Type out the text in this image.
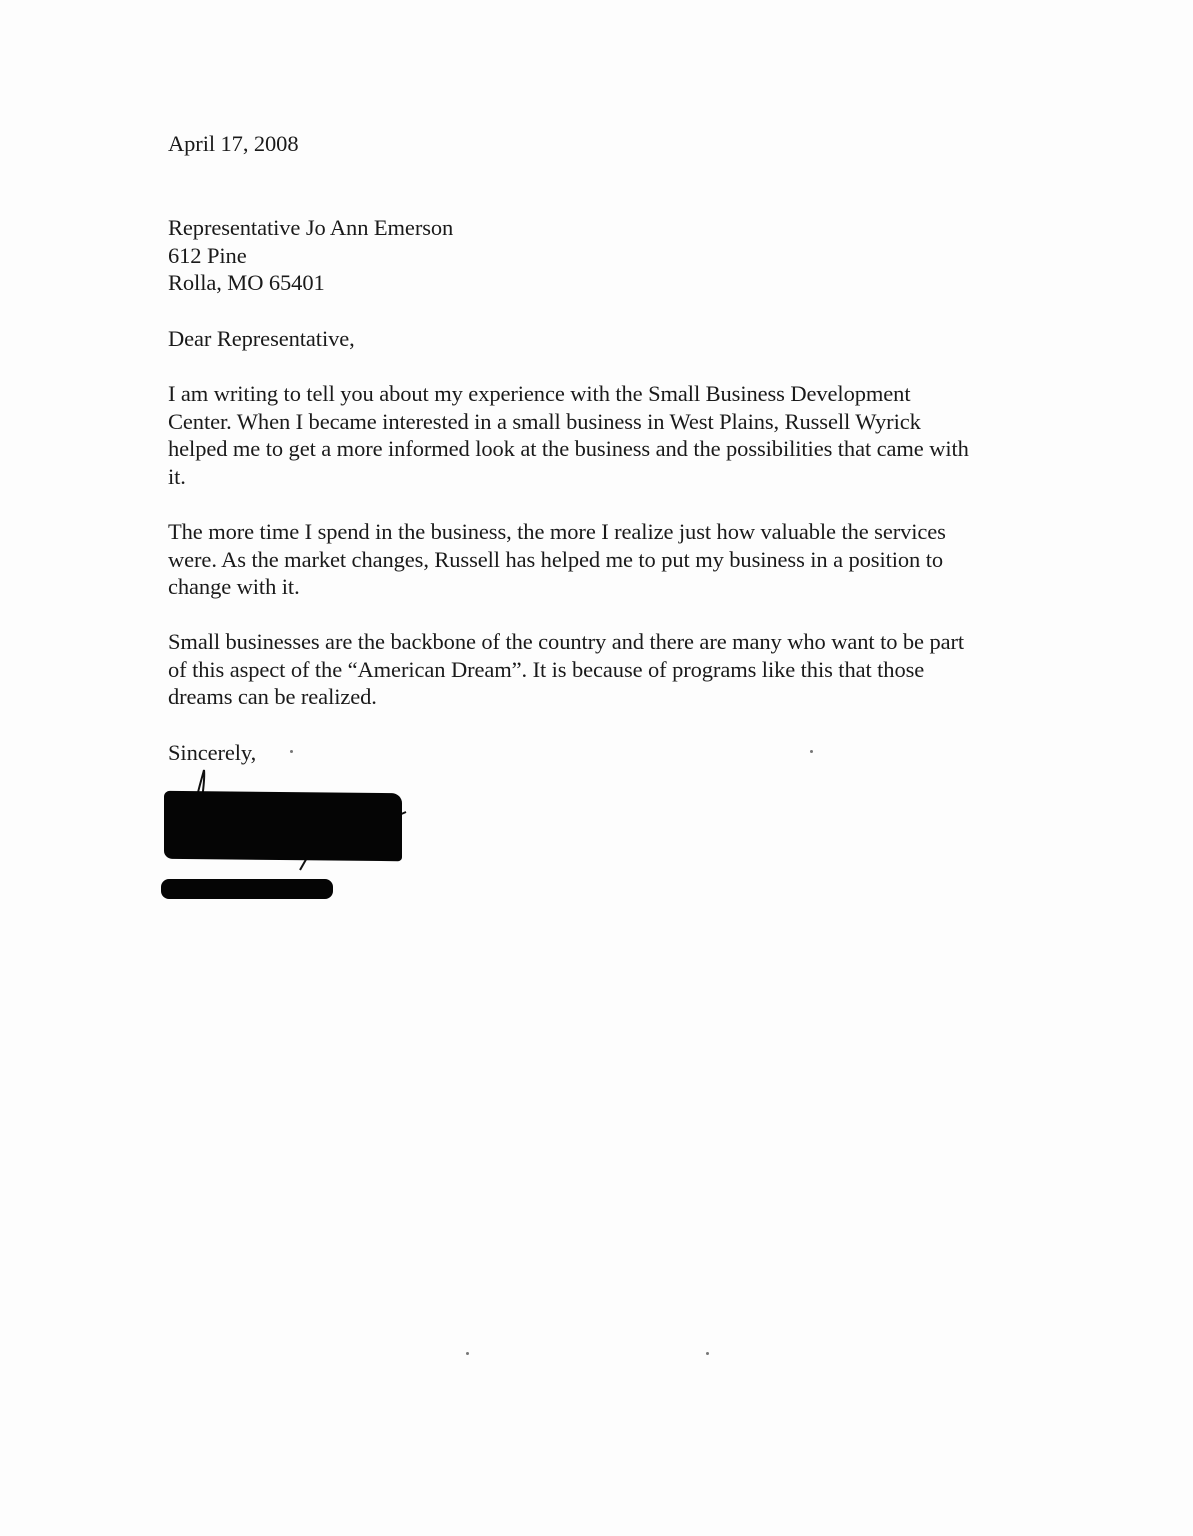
April 17, 2008
Representative Jo Ann Emerson
612 Pine
Rolla, MO 65401
Dear Representative,
I am writing to tell you about my experience with the Small Business Development
Center. When I became interested in a small business in West Plains, Russell Wyrick
helped me to get a more informed look at the business and the possibilities that came with
it.
The more time I spend in the business, the more I realize just how valuable the services
were. As the market changes, Russell has helped me to put my business in a position to
change with it.
Small businesses are the backbone of the country and there are many who want to be part
of this aspect of the “American Dream”. It is because of programs like this that those
dreams can be realized.
Sincerely,
